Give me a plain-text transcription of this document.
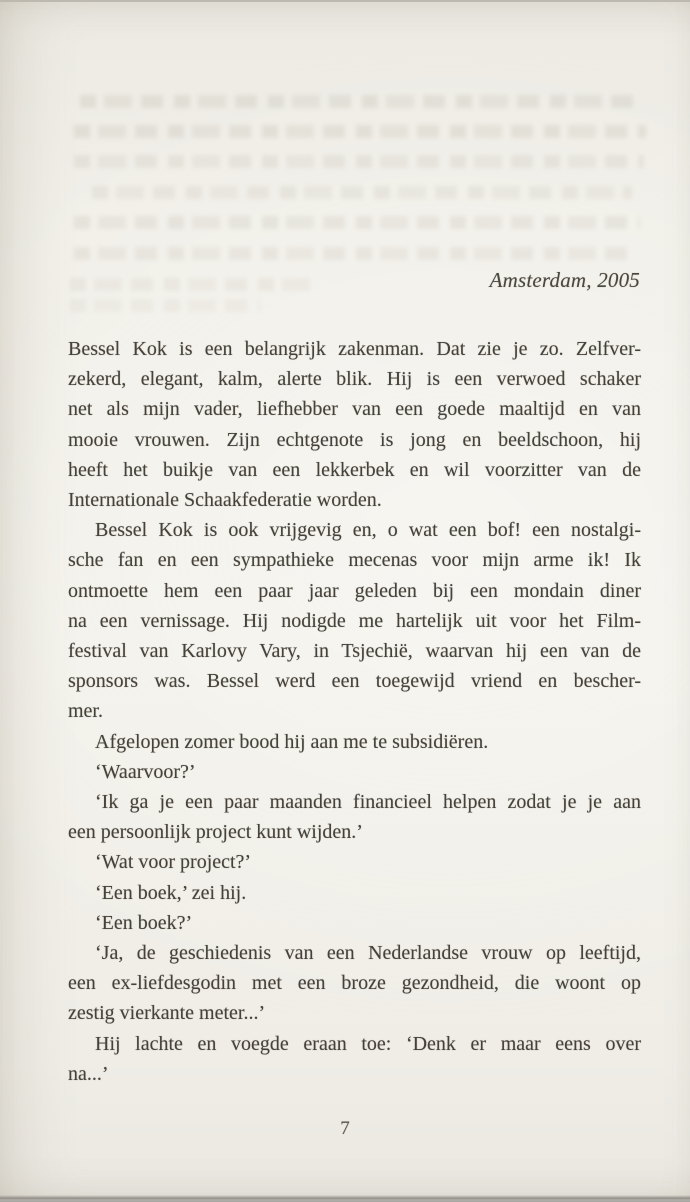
Amsterdam, 2005
Bessel Kok is een belangrijk zakenman. Dat zie je zo. Zelfver-
zekerd, elegant, kalm, alerte blik. Hij is een verwoed schaker
net als mijn vader, liefhebber van een goede maaltijd en van
mooie vrouwen. Zijn echtgenote is jong en beeldschoon, hij
heeft het buikje van een lekkerbek en wil voorzitter van de
Internationale Schaakfederatie worden.
Bessel Kok is ook vrijgevig en, o wat een bof! een nostalgi-
sche fan en een sympathieke mecenas voor mijn arme ik! Ik
ontmoette hem een paar jaar geleden bij een mondain diner
na een vernissage. Hij nodigde me hartelijk uit voor het Film-
festival van Karlovy Vary, in Tsjechië, waarvan hij een van de
sponsors was. Bessel werd een toegewijd vriend en bescher-
mer.
Afgelopen zomer bood hij aan me te subsidiëren.
‘Waarvoor?’
‘Ik ga je een paar maanden financieel helpen zodat je je aan
een persoonlijk project kunt wijden.’
‘Wat voor project?’
‘Een boek,’ zei hij.
‘Een boek?’
‘Ja, de geschiedenis van een Nederlandse vrouw op leeftijd,
een ex-liefdesgodin met een broze gezondheid, die woont op
zestig vierkante meter...’
Hij lachte en voegde eraan toe: ‘Denk er maar eens over
na...’
7
